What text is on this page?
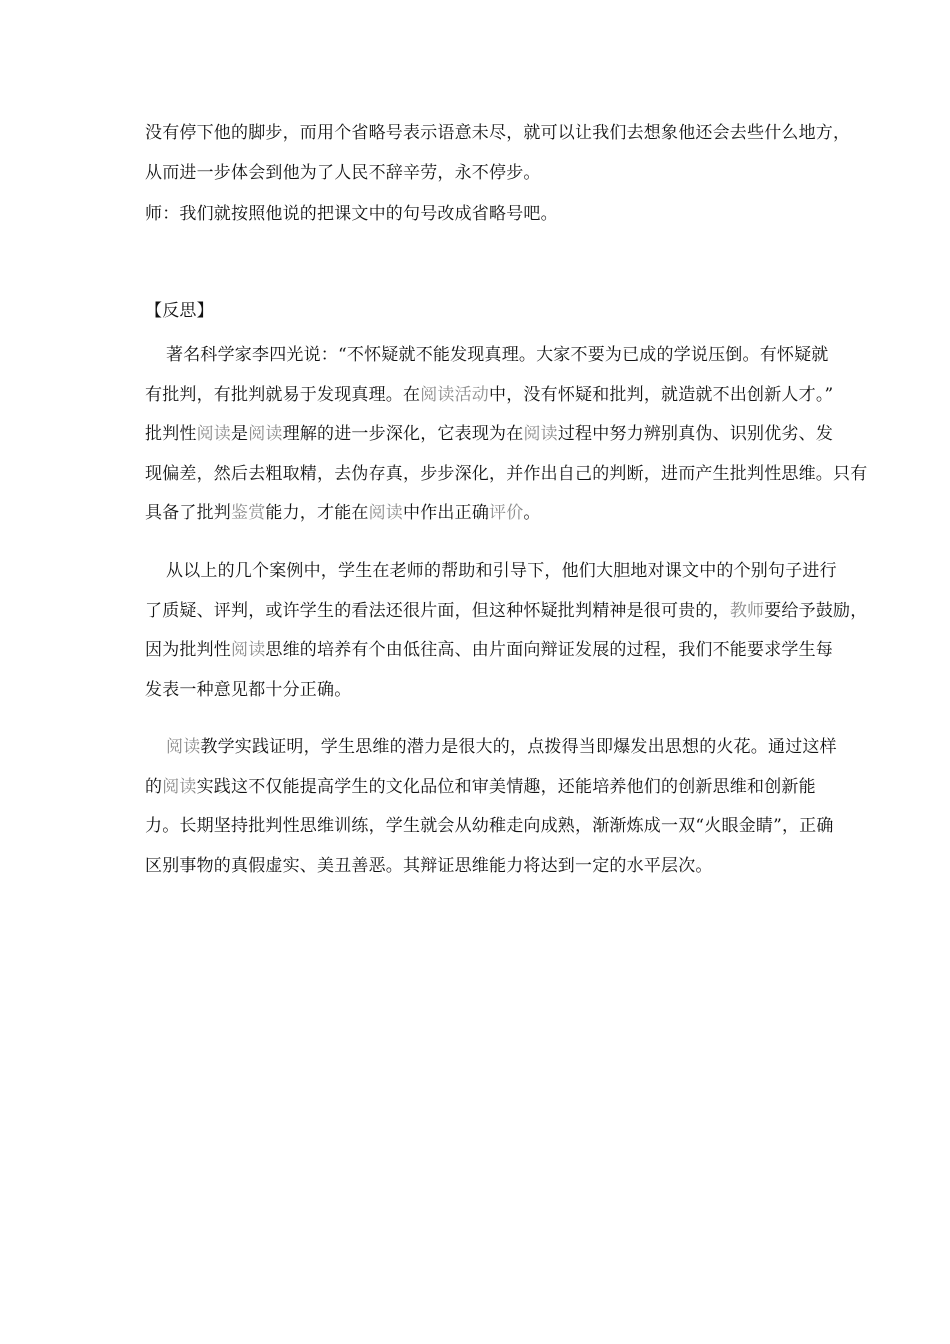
没有停下他的脚步，而用个省略号表示语意未尽，就可以让我们去想象他还会去些什么地方，
从而进一步体会到他为了人民不辞辛劳，永不停步。
师：我们就按照他说的把课文中的句号改成省略号吧。
【反思】
著名科学家李四光说：“不怀疑就不能发现真理。大家不要为已成的学说压倒。有怀疑就
有批判，有批判就易于发现真理。在阅读活动中，没有怀疑和批判，就造就不出创新人才。”
批判性阅读是阅读理解的进一步深化，它表现为在阅读过程中努力辨别真伪、识别优劣、发
现偏差，然后去粗取精，去伪存真，步步深化，并作出自己的判断，进而产生批判性思维。只有
具备了批判鉴赏能力，才能在阅读中作出正确评价。
从以上的几个案例中，学生在老师的帮助和引导下，他们大胆地对课文中的个别句子进行
了质疑、评判，或许学生的看法还很片面，但这种怀疑批判精神是很可贵的，教师要给予鼓励，
因为批判性阅读思维的培养有个由低往高、由片面向辩证发展的过程，我们不能要求学生每
发表一种意见都十分正确。
阅读教学实践证明，学生思维的潜力是很大的，点拨得当即爆发出思想的火花。通过这样
的阅读实践这不仅能提高学生的文化品位和审美情趣，还能培养他们的创新思维和创新能
力。长期坚持批判性思维训练，学生就会从幼稚走向成熟，渐渐炼成一双“火眼金睛”，正确
区别事物的真假虚实、美丑善恶。其辩证思维能力将达到一定的水平层次。
